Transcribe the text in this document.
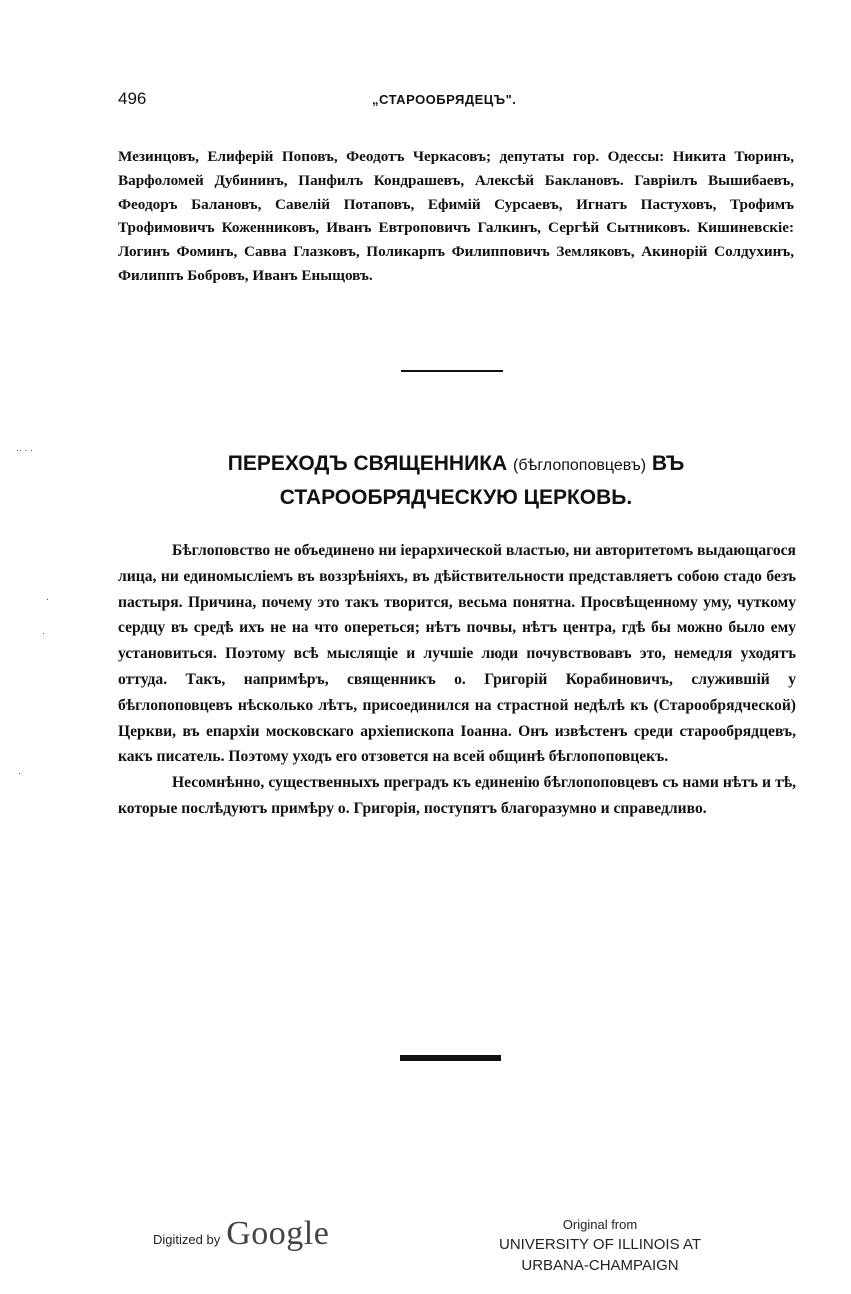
496	„СТАРООБРЯДЕЦЪ".

Мезинцовъ, Елиферій Поповъ, Феодотъ Черкасовъ; депутаты гор. Одессы: Никита Тюринъ, Варфоломей Дубининъ, Панфилъ Кондрашевъ, Алексѣй Баклановъ. Гавріилъ Вышибаевъ, Феодоръ Балановъ, Савелій Потаповъ, Ефимій Сурсаевъ, Игнатъ Пастуховъ, Трофимъ Трофимовичъ Коженниковъ, Иванъ Евтроповичъ Галкинъ, Сергѣй Сытниковъ. Кишиневскіе: Логинъ Фоминъ, Савва Глазковъ, Поликарпъ Филипповичъ Земляковъ, Акинорій Солдухинъ, Филиппъ Бобровъ, Иванъ Еныщовъ.

·· · ·
·
·
·
ПЕРЕХОДЪ СВЯЩЕННИКА (бѣглопоповцевъ) ВЪ СТАРООБРЯДЧЕСКУЮ ЦЕРКОВЬ.

Бѣглоповство не объединено ни іерархической властью, ни авторитетомъ выдающагося лица, ни единомысліемъ въ воззрѣніяхъ, въ дѣйствительности представляетъ собою стадо безъ пастыря. Причина, почему это такъ творится, весьма понятна. Просвѣщенному уму, чуткому сердцу въ средѣ ихъ не на что опереться; нѣтъ почвы, нѣтъ центра, гдѣ бы можно было ему установиться. Поэтому всѣ мыслящіе и лучшіе люди почувствовавъ это, немедля уходятъ оттуда. Такъ, напримѣръ, священникъ о. Григорій Корабиновичъ, служившій у бѣглопоповцевъ нѣсколько лѣтъ, присоединился на страстной недѣлѣ къ (Старообрядческой) Церкви, въ епархіи московскаго архіепископа Іоанна. Онъ извѣстенъ среди старообрядцевъ, какъ писатель. Поэтому уходъ его отзовется на всей общинѣ бѣглопоповцекъ.

Несомнѣнно, существенныхъ преградъ къ единенію бѣглопоповцевъ съ нами нѣтъ и тѣ, которые послѣдуютъ примѣру о. Григорія, поступятъ благоразумно и справедливо.

Digitized by Google	Original from
UNIVERSITY OF ILLINOIS AT
URBANA-CHAMPAIGN
